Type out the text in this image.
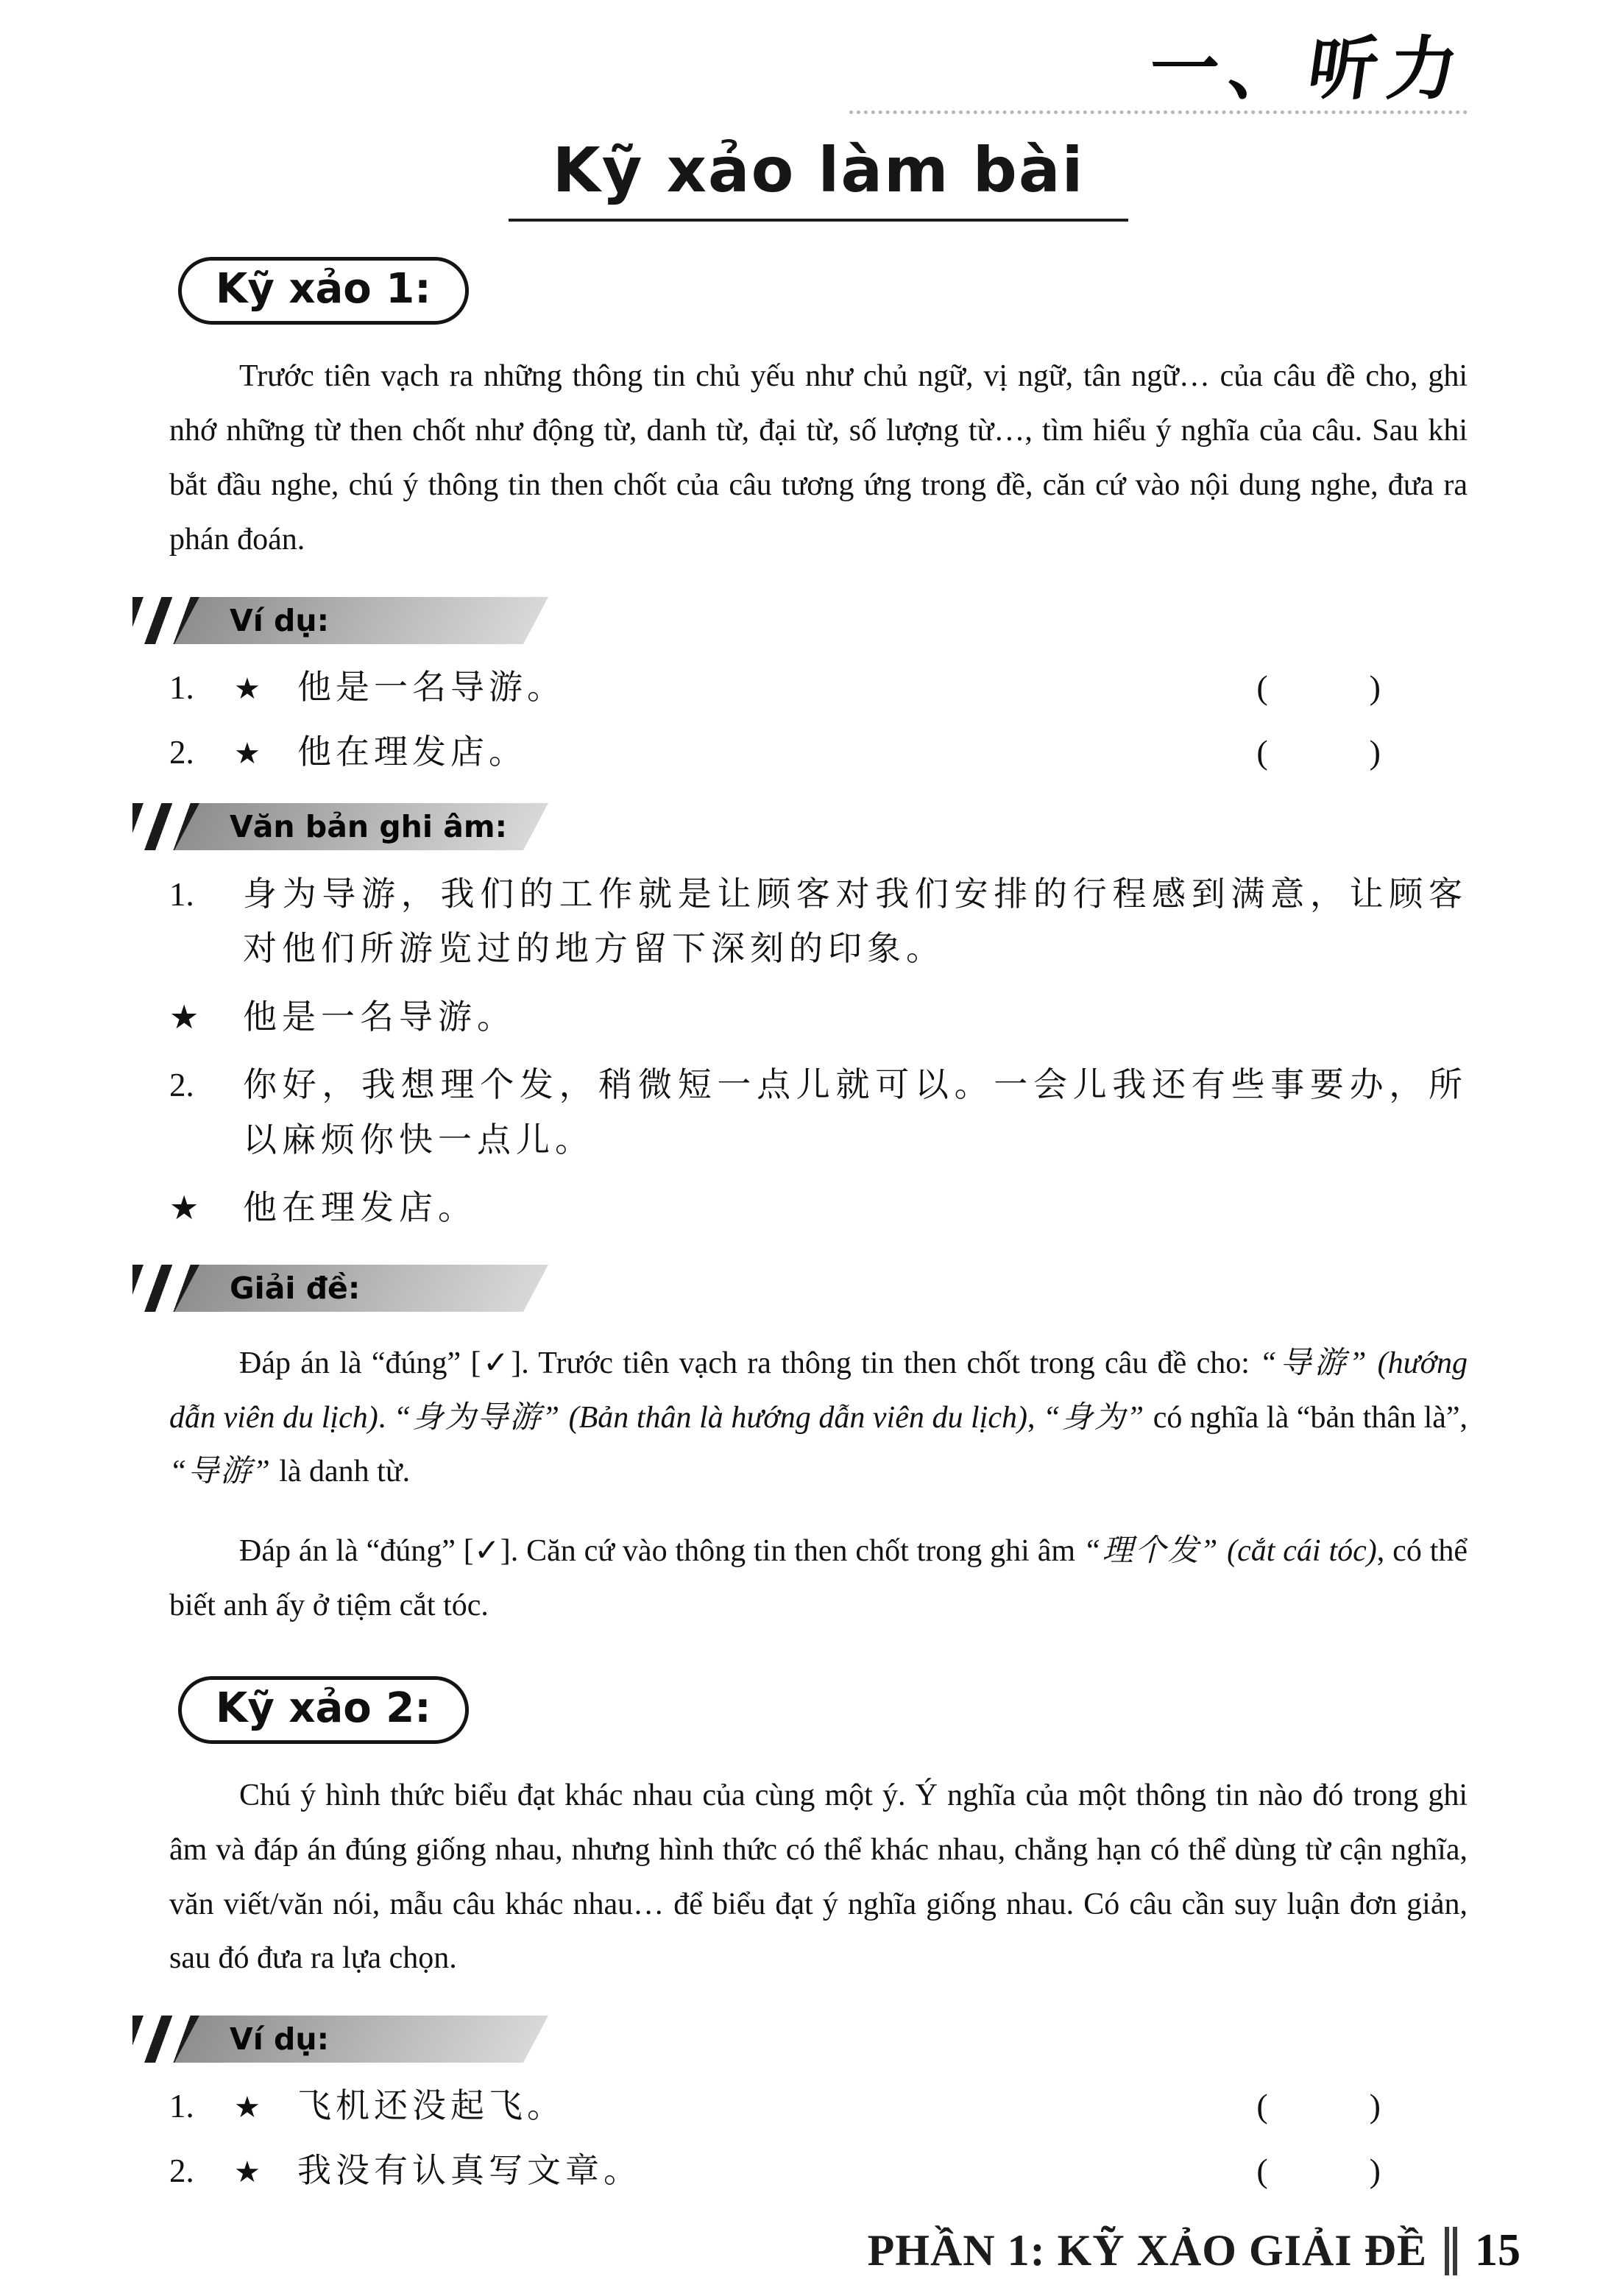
一、听力
Kỹ xảo làm bài
Kỹ xảo 1:

Trước tiên vạch ra những thông tin chủ yếu như chủ ngữ, vị ngữ, tân ngữ… của câu đề cho, ghi nhớ những từ then chốt như động từ, danh từ, đại từ, số lượng từ…, tìm hiểu ý nghĩa của câu. Sau khi bắt đầu nghe, chú ý thông tin then chốt của câu tương ứng trong đề, căn cứ vào nội dung nghe, đưa ra phán đoán.

Ví dụ:
1.	★	他是一名导游。	(   )
2.	★	他在理发店。	(   )
Văn bản ghi âm:
1.	身为导游，我们的工作就是让顾客对我们安排的行程感到满意，让顾客对他们所游览过的地方留下深刻的印象。
★	他是一名导游。
2.	你好，我想理个发，稍微短一点儿就可以。一会儿我还有些事要办，所以麻烦你快一点儿。
★	他在理发店。
Giải đề:

Đáp án là “đúng” [✓]. Trước tiên vạch ra thông tin then chốt trong câu đề cho: “导游” (hướng dẫn viên du lịch). “身为导游” (Bản thân là hướng dẫn viên du lịch), “身为” có nghĩa là “bản thân là”, “导游” là danh từ.

Đáp án là “đúng” [✓]. Căn cứ vào thông tin then chốt trong ghi âm “理个发” (cắt cái tóc), có thể biết anh ấy ở tiệm cắt tóc.

Kỹ xảo 2:

Chú ý hình thức biểu đạt khác nhau của cùng một ý. Ý nghĩa của một thông tin nào đó trong ghi âm và đáp án đúng giống nhau, nhưng hình thức có thể khác nhau, chẳng hạn có thể dùng từ cận nghĩa, văn viết/văn nói, mẫu câu khác nhau… để biểu đạt ý nghĩa giống nhau. Có câu cần suy luận đơn giản, sau đó đưa ra lựa chọn.

Ví dụ:
1.	★	飞机还没起飞。	(   )
2.	★	我没有认真写文章。	(   )
PHẦN 1: KỸ XẢO GIẢI ĐỀ 15
